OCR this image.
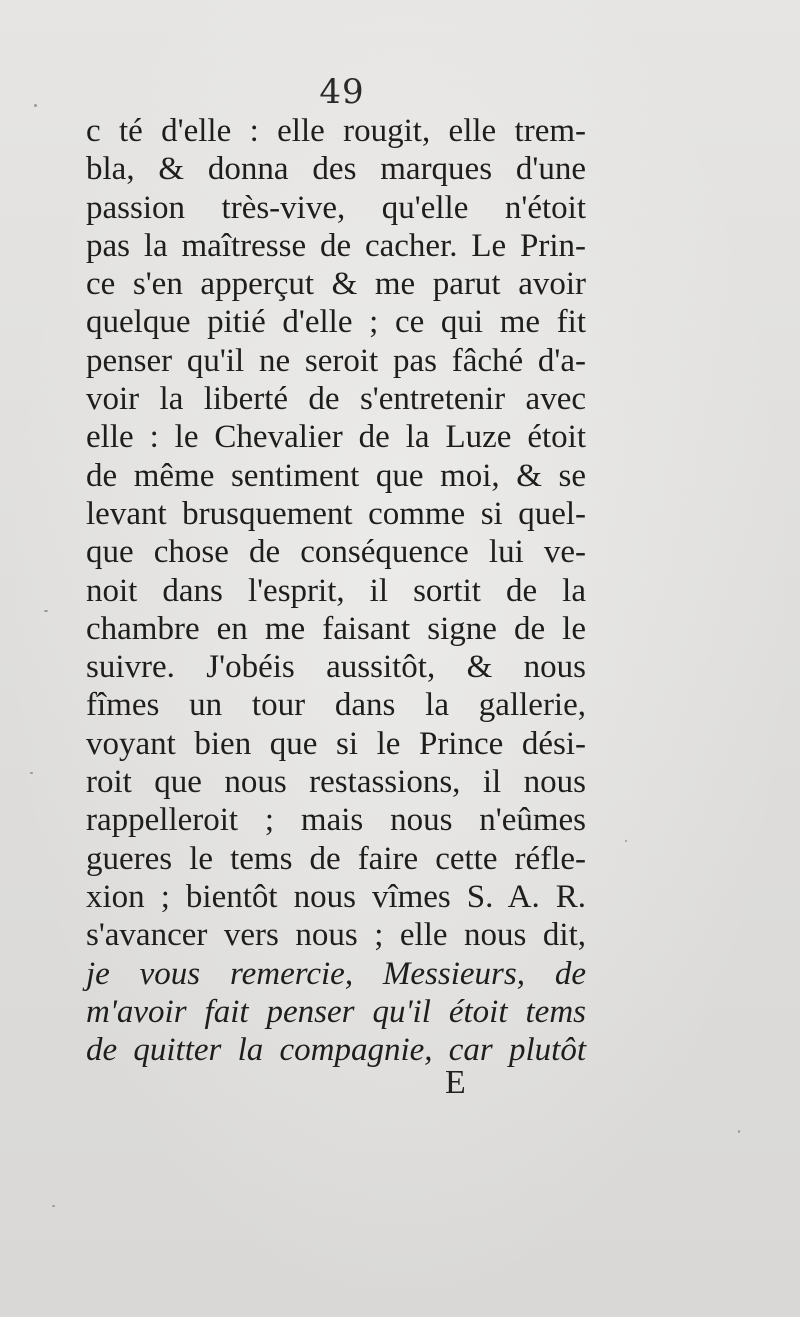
49
c té d'elle : elle rougit, elle trem-
bla, & donna des marques d'une
passion très-vive, qu'elle n'étoit
pas la maîtresse de cacher. Le Prin-
ce s'en apperçut & me parut avoir
quelque pitié d'elle ; ce qui me fit
penser qu'il ne seroit pas fâché d'a-
voir la liberté de s'entretenir avec
elle : le Chevalier de la Luze étoit
de même sentiment que moi, & se
levant brusquement comme si quel-
que chose de conséquence lui ve-
noit dans l'esprit, il sortit de la
chambre en me faisant signe de le
suivre. J'obéis aussitôt, & nous
fîmes un tour dans la gallerie,
voyant bien que si le Prince dési-
roit que nous restassions, il nous
rappelleroit ; mais nous n'eûmes
gueres le tems de faire cette réfle-
xion ; bientôt nous vîmes S. A. R.
s'avancer vers nous ; elle nous dit,
je vous remercie, Messieurs, de
m'avoir fait penser qu'il étoit tems
de quitter la compagnie, car plutôt
E
